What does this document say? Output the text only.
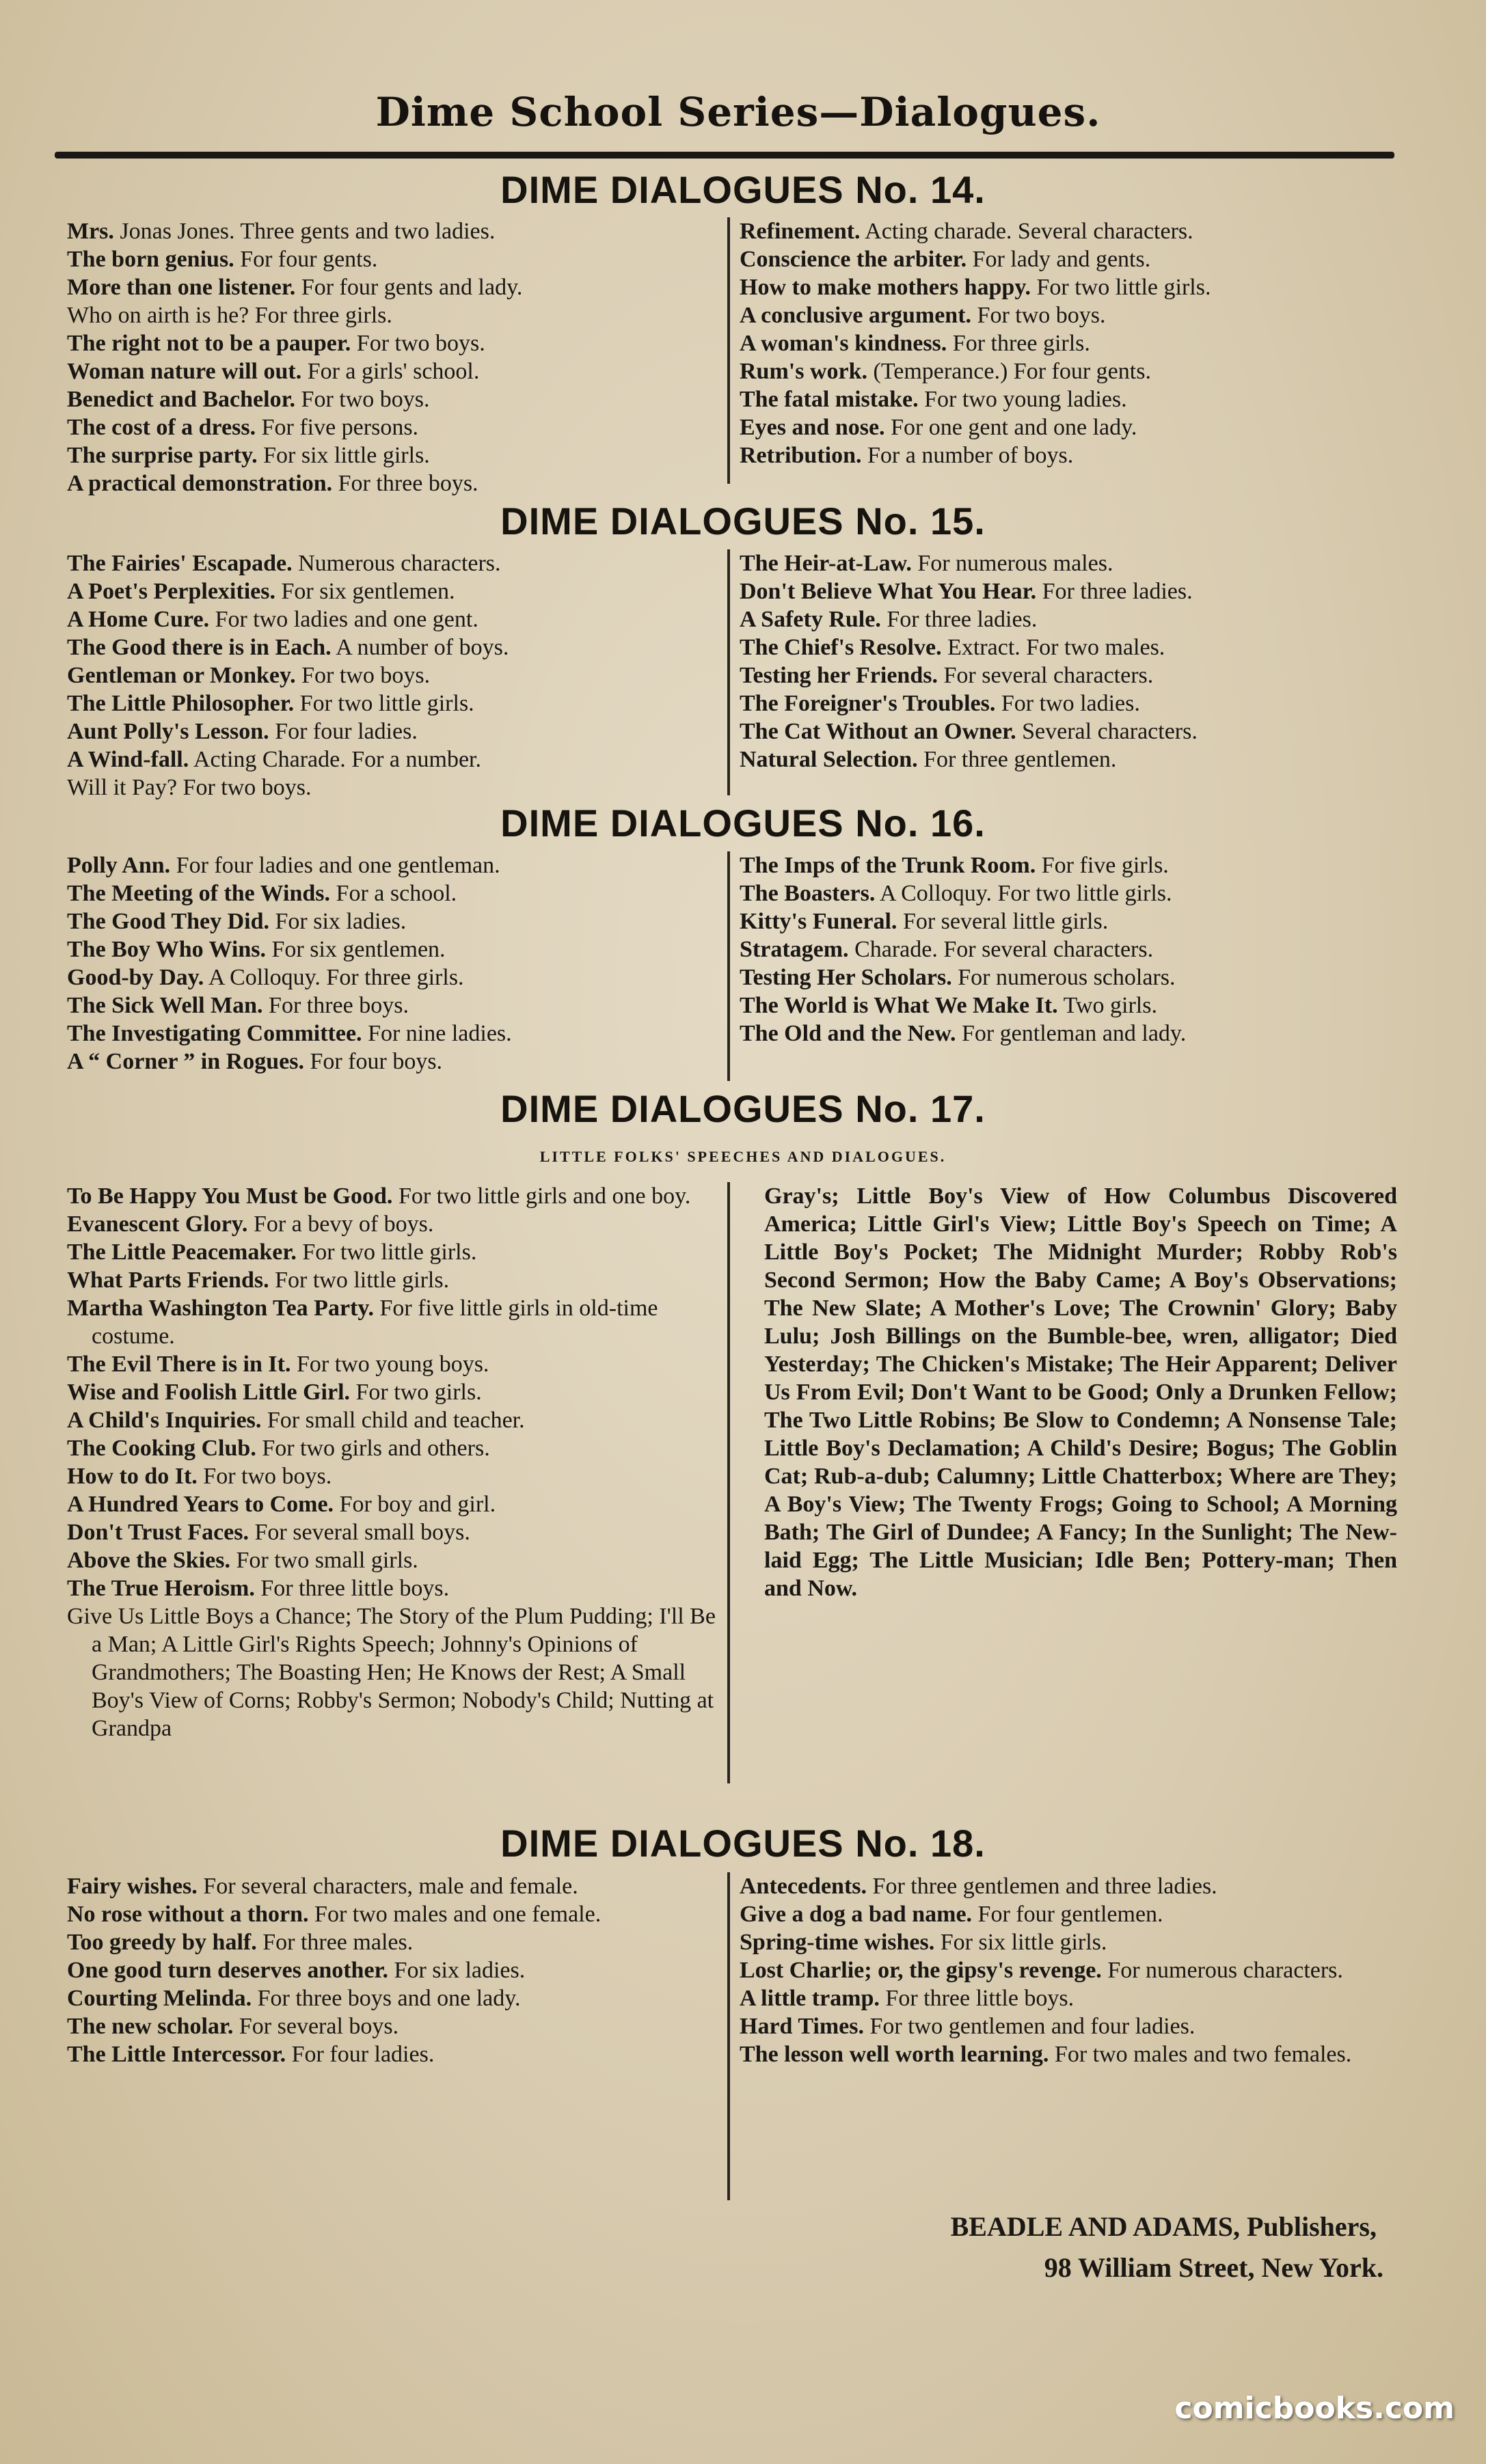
Dime School Series—Dialogues.
DIME DIALOGUES No. 14.
Mrs. Jonas Jones. Three gents and two ladies.
The born genius. For four gents.
More than one listener. For four gents and lady.
Who on airth is he? For three girls.
The right not to be a pauper. For two boys.
Woman nature will out. For a girls' school.
Benedict and Bachelor. For two boys.
The cost of a dress. For five persons.
The surprise party. For six little girls.
A practical demonstration. For three boys.
Refinement. Acting charade. Several characters.
Conscience the arbiter. For lady and gents.
How to make mothers happy. For two little girls.
A conclusive argument. For two boys.
A woman's kindness. For three girls.
Rum's work. (Temperance.) For four gents.
The fatal mistake. For two young ladies.
Eyes and nose. For one gent and one lady.
Retribution. For a number of boys.
DIME DIALOGUES No. 15.
The Fairies' Escapade. Numerous characters.
A Poet's Perplexities. For six gentlemen.
A Home Cure. For two ladies and one gent.
The Good there is in Each. A number of boys.
Gentleman or Monkey. For two boys.
The Little Philosopher. For two little girls.
Aunt Polly's Lesson. For four ladies.
A Wind-fall. Acting Charade. For a number.
Will it Pay? For two boys.
The Heir-at-Law. For numerous males.
Don't Believe What You Hear. For three ladies.
A Safety Rule. For three ladies.
The Chief's Resolve. Extract. For two males.
Testing her Friends. For several characters.
The Foreigner's Troubles. For two ladies.
The Cat Without an Owner. Several characters.
Natural Selection. For three gentlemen.
DIME DIALOGUES No. 16.
Polly Ann. For four ladies and one gentleman.
The Meeting of the Winds. For a school.
The Good They Did. For six ladies.
The Boy Who Wins. For six gentlemen.
Good-by Day. A Colloquy. For three girls.
The Sick Well Man. For three boys.
The Investigating Committee. For nine ladies.
A “ Corner ” in Rogues. For four boys.
The Imps of the Trunk Room. For five girls.
The Boasters. A Colloquy. For two little girls.
Kitty's Funeral. For several little girls.
Stratagem. Charade. For several characters.
Testing Her Scholars. For numerous scholars.
The World is What We Make It. Two girls.
The Old and the New. For gentleman and lady.
DIME DIALOGUES No. 17.
LITTLE FOLKS' SPEECHES AND DIALOGUES.
To Be Happy You Must be Good. For two little girls and one boy.
Evanescent Glory. For a bevy of boys.
The Little Peacemaker. For two little girls.
What Parts Friends. For two little girls.
Martha Washington Tea Party. For five little girls in old-time costume.
The Evil There is in It. For two young boys.
Wise and Foolish Little Girl. For two girls.
A Child's Inquiries. For small child and teacher.
The Cooking Club. For two girls and others.
How to do It. For two boys.
A Hundred Years to Come. For boy and girl.
Don't Trust Faces. For several small boys.
Above the Skies. For two small girls.
The True Heroism. For three little boys.
Give Us Little Boys a Chance; The Story of the Plum Pudding; I'll Be a Man; A Little Girl's Rights Speech; Johnny's Opinions of Grandmothers; The Boasting Hen; He Knows der Rest; A Small Boy's View of Corns; Robby's Sermon; Nobody's Child; Nutting at Grandpa
Gray's; Little Boy's View of How Columbus Discovered America; Little Girl's View; Little Boy's Speech on Time; A Little Boy's Pocket; The Midnight Murder; Robby Rob's Second Sermon; How the Baby Came; A Boy's Observations; The New Slate; A Mother's Love; The Crownin' Glory; Baby Lulu; Josh Billings on the Bumble-bee, wren, alligator; Died Yesterday; The Chicken's Mistake; The Heir Apparent; Deliver Us From Evil; Don't Want to be Good; Only a Drunken Fellow; The Two Little Robins; Be Slow to Condemn; A Nonsense Tale; Little Boy's Declamation; A Child's Desire; Bogus; The Goblin Cat; Rub-a-dub; Calumny; Little Chatterbox; Where are They; A Boy's View; The Twenty Frogs; Going to School; A Morning Bath; The Girl of Dundee; A Fancy; In the Sunlight; The New-laid Egg; The Little Musician; Idle Ben; Pottery-man; Then and Now.
DIME DIALOGUES No. 18.
Fairy wishes. For several characters, male and female.
No rose without a thorn. For two males and one female.
Too greedy by half. For three males.
One good turn deserves another. For six ladies.
Courting Melinda. For three boys and one lady.
The new scholar. For several boys.
The Little Intercessor. For four ladies.
Antecedents. For three gentlemen and three ladies.
Give a dog a bad name. For four gentlemen.
Spring-time wishes. For six little girls.
Lost Charlie; or, the gipsy's revenge. For numerous characters.
A little tramp. For three little boys.
Hard Times. For two gentlemen and four ladies.
The lesson well worth learning. For two males and two females.
BEADLE AND ADAMS, Publishers,
98 William Street, New York.
comicbooks.com
